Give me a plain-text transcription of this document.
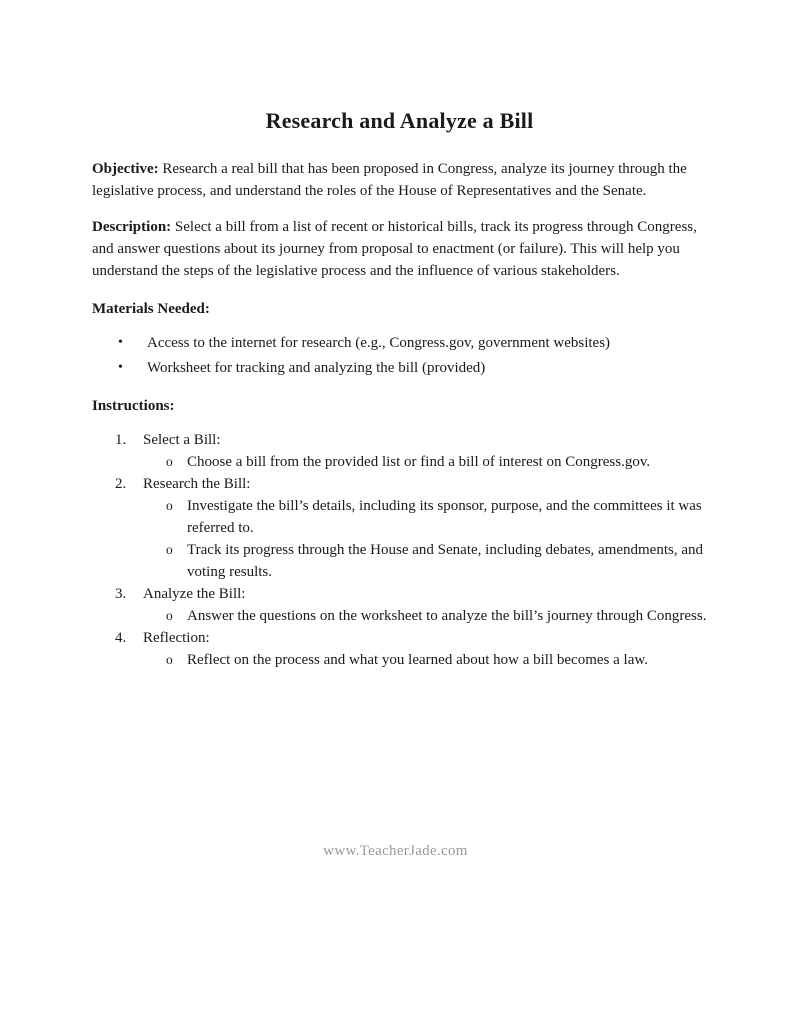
Research and Analyze a Bill

Objective: Research a real bill that has been proposed in Congress, analyze its journey through the legislative process, and understand the roles of the House of Representatives and the Senate.

Description: Select a bill from a list of recent or historical bills, track its progress through Congress, and answer questions about its journey from proposal to enactment (or failure). This will help you understand the steps of the legislative process and the influence of various stakeholders.

Materials Needed:
•	Access to the internet for research (e.g., Congress.gov, government websites)
•	Worksheet for tracking and analyzing the bill (provided)
Instructions:
1.	Select a Bill:
o Choose a bill from the provided list or find a bill of interest on Congress.gov.
2.	Research the Bill:
o Investigate the bill’s details, including its sponsor, purpose, and the committees it was referred to.
o Track its progress through the House and Senate, including debates, amendments, and voting results.
3.	Analyze the Bill:
o Answer the questions on the worksheet to analyze the bill’s journey through Congress.
4.	Reflection:
o Reflect on the process and what you learned about how a bill becomes a law.
www.TeacherJade.com
